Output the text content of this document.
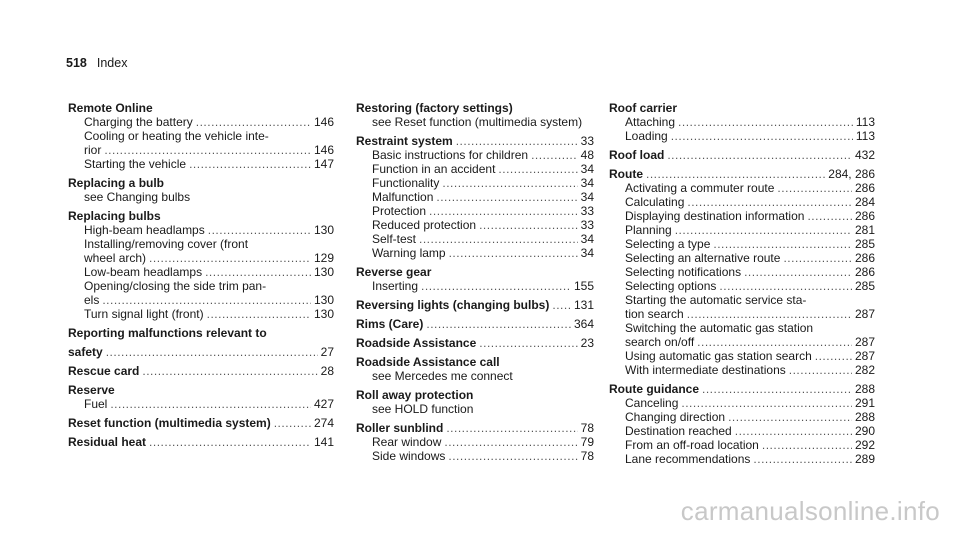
518 Index
Remote Online
Charging the battery .....	146
Cooling or heating the vehicle inte-
rior .....	146
Starting the vehicle .....	147
Replacing a bulb
see Changing bulbs
Replacing bulbs
High-beam headlamps .....	130
Installing/removing cover (front
wheel arch) .....	129
Low-beam headlamps .....	130
Opening/closing the side trim pan-
els .....	130
Turn signal light (front) .....	130
Reporting malfunctions relevant to
safety .....	27
Rescue card .....	28
Reserve
Fuel .....	427
Reset function (multimedia system) .....	274
Residual heat .....	141
Restoring (factory settings)
see Reset function (multimedia system)
Restraint system .....	33
Basic instructions for children .....	48
Function in an accident .....	34
Functionality .....	34
Malfunction .....	34
Protection .....	33
Reduced protection .....	33
Self-test .....	34
Warning lamp .....	34
Reverse gear
Inserting .....	155
Reversing lights (changing bulbs) ..... 131
Rims (Care) .....	364
Roadside Assistance .....	23
Roadside Assistance call
see Mercedes me connect
Roll away protection
see HOLD function
Roller sunblind .....	78
Rear window .....	79
Side windows .....	78
Roof carrier
Attaching .....	113
Loading .....	113
Roof load .....	432
Route .....	284, 286
Activating a commuter route .....	286
Calculating .....	284
Displaying destination information .....	286
Planning .....	281
Selecting a type .....	285
Selecting an alternative route .....	286
Selecting notifications .....	286
Selecting options .....	285
Starting the automatic service sta-
tion search .....	287
Switching the automatic gas station
search on/off .....	287
Using automatic gas station search .....	287
With intermediate destinations .....	282
Route guidance .....	288
Canceling .....	291
Changing direction .....	288
Destination reached .....	290
From an off-road location .....	292
Lane recommendations .....	289
carmanualsonline.info
